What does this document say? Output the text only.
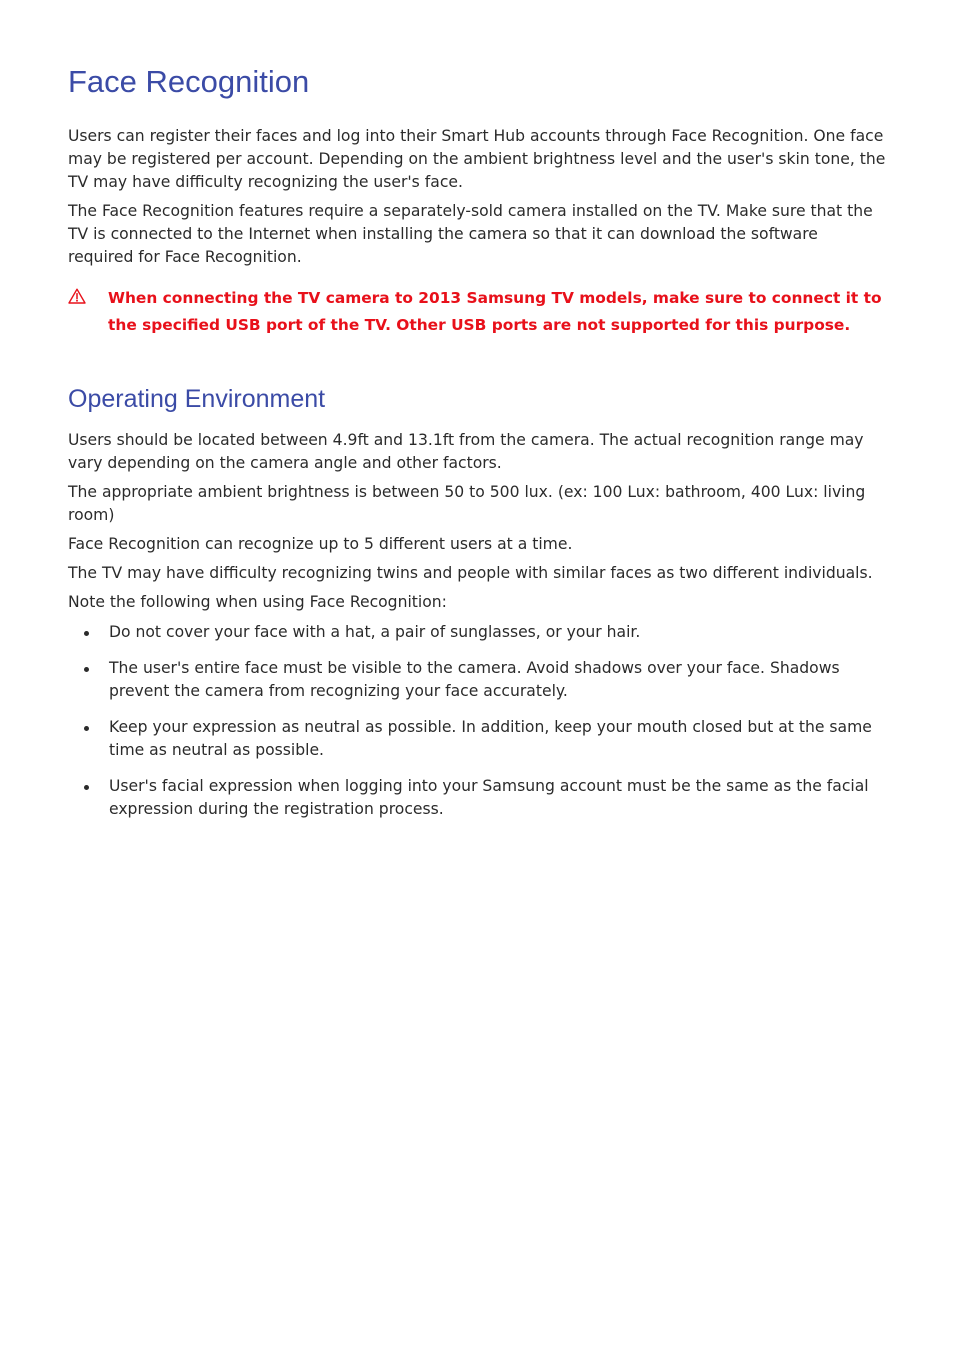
Face Recognition

Users can register their faces and log into their Smart Hub accounts through Face Recognition. One face may be registered per account. Depending on the ambient brightness level and the user's skin tone, the TV may have difficulty recognizing the user's face.

The Face Recognition features require a separately-sold camera installed on the TV. Make sure that the TV is connected to the Internet when installing the camera so that it can download the software required for Face Recognition.

When connecting the TV camera to 2013 Samsung TV models, make sure to connect it to the specified USB port of the TV. Other USB ports are not supported for this purpose.

Operating Environment

Users should be located between 4.9ft and 13.1ft from the camera. The actual recognition range may vary depending on the camera angle and other factors.

The appropriate ambient brightness is between 50 to 500 lux. (ex: 100 Lux: bathroom, 400 Lux: living room)

Face Recognition can recognize up to 5 different users at a time.

The TV may have difficulty recognizing twins and people with similar faces as two different individuals.

Note the following when using Face Recognition:

Do not cover your face with a hat, a pair of sunglasses, or your hair.
The user's entire face must be visible to the camera. Avoid shadows over your face. Shadows prevent the camera from recognizing your face accurately.
Keep your expression as neutral as possible. In addition, keep your mouth closed but at the same time as neutral as possible.
User's facial expression when logging into your Samsung account must be the same as the facial expression during the registration process.
